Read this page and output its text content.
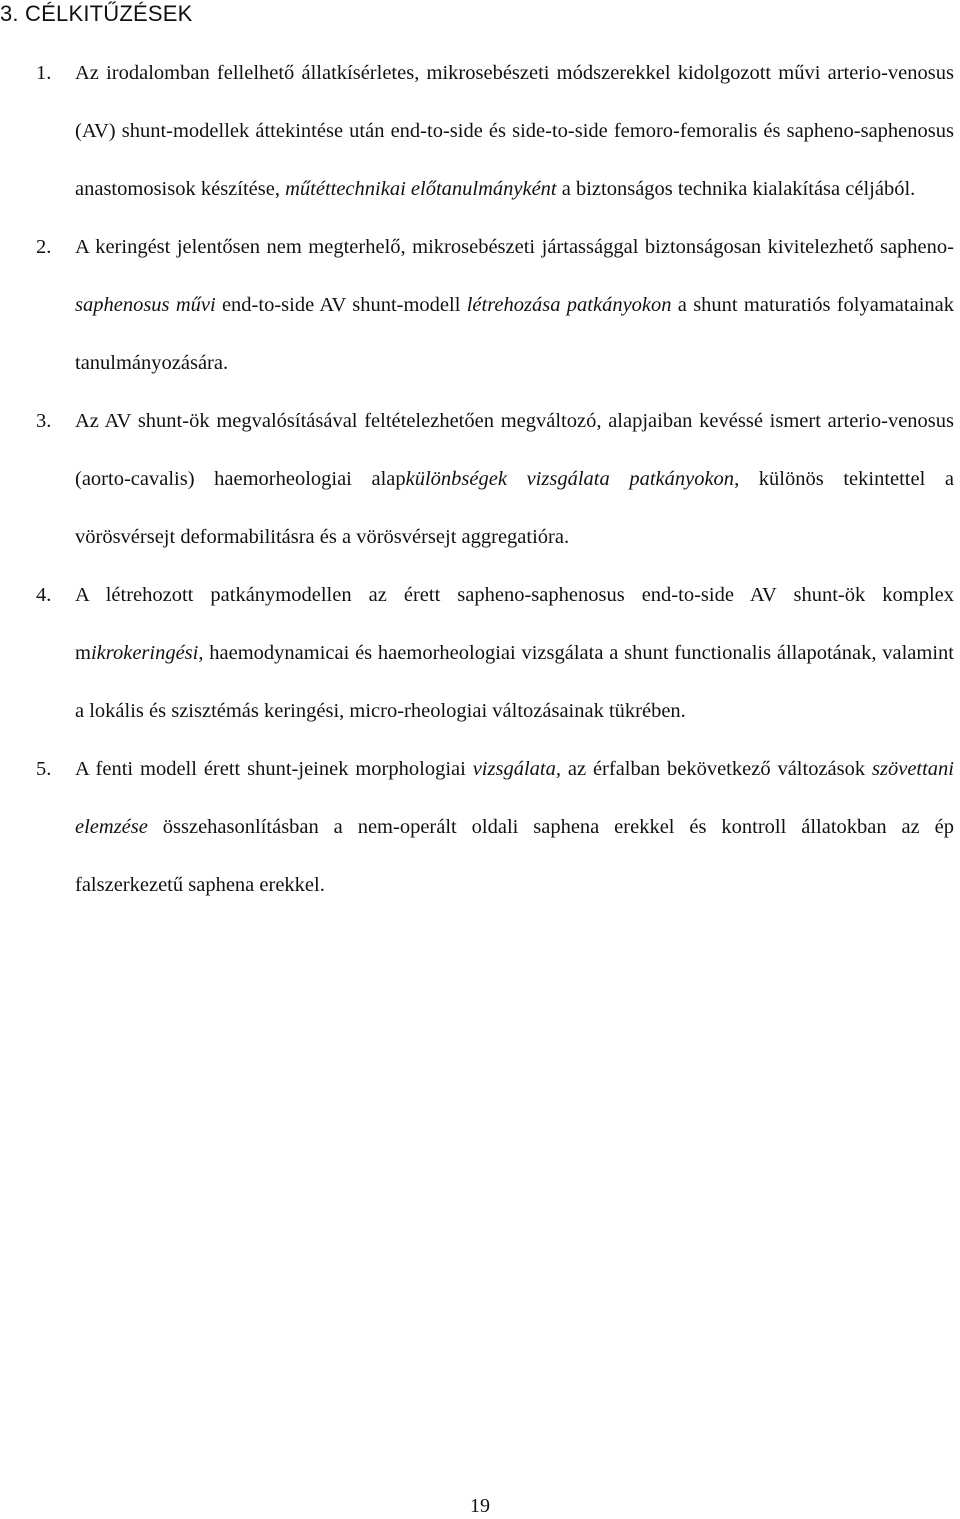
3. CÉLKITŰZÉSEK
1. Az irodalomban fellelhető állatkísérletes, mikrosebészeti módszerekkel kidolgozott művi arterio-venosus (AV) shunt-modellek áttekintése után end-to-side és side-to-side femoro-femoralis és sapheno-saphenosus anastomosisok készítése, műtéttechnikai előtanulmányként a biztonságos technika kialakítása céljából.
2. A keringést jelentősen nem megterhelő, mikrosebészeti jártassággal biztonságosan kivitelezhető sapheno-saphenosus művi end-to-side AV shunt-modell létrehozása patkányokon a shunt maturatiós folyamatainak tanulmányozására.
3. Az AV shunt-ök megvalósításával feltételezhetően megváltozó, alapjaiban kevéssé ismert arterio-venosus (aorto-cavalis) haemorheologiai alapkülönbségek vizsgálata patkányokon, különös tekintettel a vörösvérsejt deformabilitásra és a vörösvérsejt aggregatióra.
4. A létrehozott patkánymodellen az érett sapheno-saphenosus end-to-side AV shunt-ök komplex mikrokeringési, haemodynamicai és haemorheologiai vizsgálata a shunt functionalis állapotának, valamint a lokális és szisztémás keringési, micro-rheologiai változásainak tükrében.
5. A fenti modell érett shunt-jeinek morphologiai vizsgálata, az érfalban bekövetkező változások szövettani elemzése összehasonlításban a nem-operált oldali saphena erekkel és kontroll állatokban az ép falszerkezetű saphena erekkel.
19
